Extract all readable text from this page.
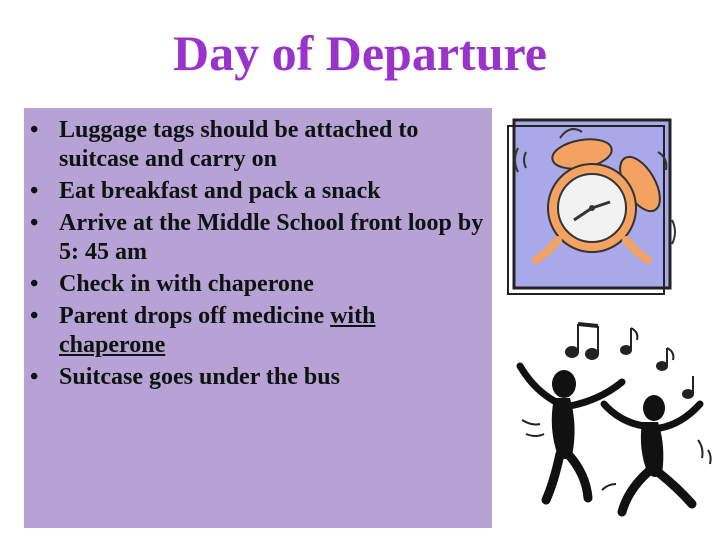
Day of Departure
• Luggage tags should be attached to suitcase and carry on
• Eat breakfast and pack a snack
• Arrive at the Middle School front loop by 5: 45 am
• Check in with chaperone
• Parent drops off medicine with chaperone
• Suitcase goes under the bus
